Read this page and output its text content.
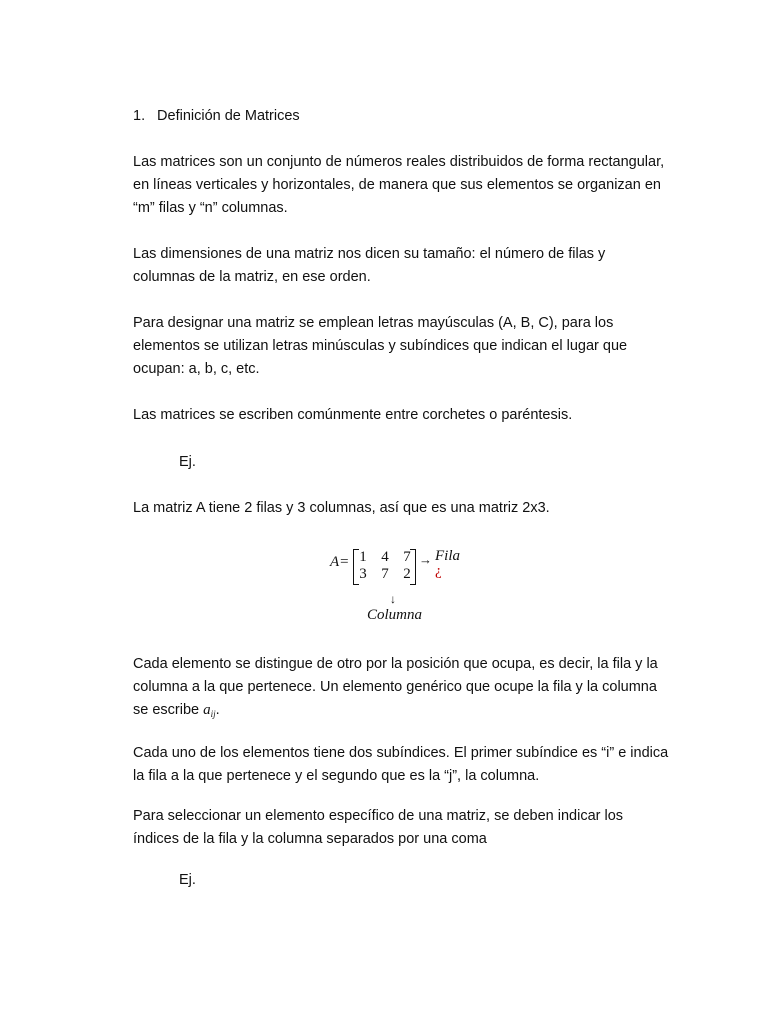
1. Definición de Matrices
Las matrices son un conjunto de números reales distribuidos de forma rectangular,
en líneas verticales y horizontales, de manera que sus elementos se organizan en
“m” filas y “n” columnas.
Las dimensiones de una matriz nos dicen su tamaño: el número de filas y
columnas de la matriz, en ese orden.
Para designar una matriz se emplean letras mayúsculas (A, B, C), para los
elementos se utilizan letras minúsculas y subíndices que indican el lugar que
ocupan: a, b, c, etc.
Las matrices se escriben comúnmente entre corchetes o paréntesis.
Ej.
La matriz A tiene 2 filas y 3 columnas, así que es una matriz 2x3.
A= 1 4 7
3 7 2
→ Fila
¿
↓
Columna
Cada elemento se distingue de otro por la posición que ocupa, es decir, la fila y la
columna a la que pertenece. Un elemento genérico que ocupe la fila y la columna
se escribe $a_{ij}$.
Cada uno de los elementos tiene dos subíndices. El primer subíndice es “i” e indica
la fila a la que pertenece y el segundo que es la “j”, la columna.
Para seleccionar un elemento específico de una matriz, se deben indicar los
índices de la fila y la columna separados por una coma
Ej.
